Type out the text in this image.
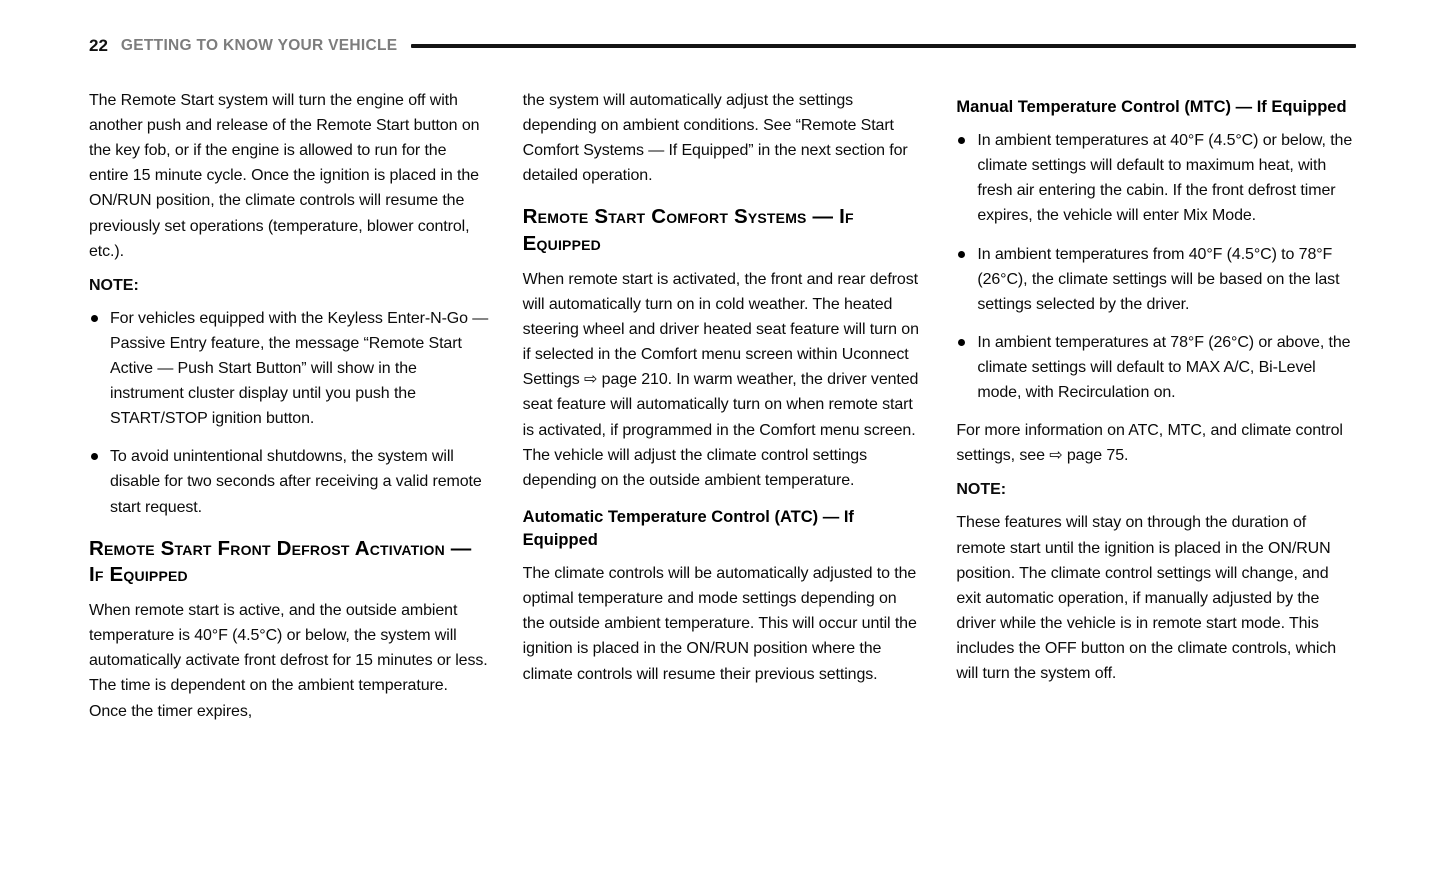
22 GETTING TO KNOW YOUR VEHICLE
The Remote Start system will turn the engine off with another push and release of the Remote Start button on the key fob, or if the engine is allowed to run for the entire 15 minute cycle. Once the ignition is placed in the ON/RUN position, the climate controls will resume the previously set operations (temperature, blower control, etc.).
NOTE:
For vehicles equipped with the Keyless Enter-N-Go — Passive Entry feature, the message “Remote Start Active — Push Start Button” will show in the instrument cluster display until you push the START/STOP ignition button.
To avoid unintentional shutdowns, the system will disable for two seconds after receiving a valid remote start request.
Remote Start Front Defrost Activation — If Equipped
When remote start is active, and the outside ambient temperature is 40°F (4.5°C) or below, the system will automatically activate front defrost for 15 minutes or less. The time is dependent on the ambient temperature. Once the timer expires,
the system will automatically adjust the settings depending on ambient conditions. See “Remote Start Comfort Systems — If Equipped” in the next section for detailed operation.
Remote Start Comfort Systems — If Equipped
When remote start is activated, the front and rear defrost will automatically turn on in cold weather. The heated steering wheel and driver heated seat feature will turn on if selected in the Comfort menu screen within Uconnect Settings ⇨ page 210. In warm weather, the driver vented seat feature will automatically turn on when remote start is activated, if programmed in the Comfort menu screen. The vehicle will adjust the climate control settings depending on the outside ambient temperature.
Automatic Temperature Control (ATC) — If Equipped
The climate controls will be automatically adjusted to the optimal temperature and mode settings depending on the outside ambient temperature. This will occur until the ignition is placed in the ON/RUN position where the climate controls will resume their previous settings.
Manual Temperature Control (MTC) — If Equipped
In ambient temperatures at 40°F (4.5°C) or below, the climate settings will default to maximum heat, with fresh air entering the cabin. If the front defrost timer expires, the vehicle will enter Mix Mode.
In ambient temperatures from 40°F (4.5°C) to 78°F (26°C), the climate settings will be based on the last settings selected by the driver.
In ambient temperatures at 78°F (26°C) or above, the climate settings will default to MAX A/C, Bi-Level mode, with Recirculation on.
For more information on ATC, MTC, and climate control settings, see ⇨ page 75.
NOTE:
These features will stay on through the duration of remote start until the ignition is placed in the ON/RUN position. The climate control settings will change, and exit automatic operation, if manually adjusted by the driver while the vehicle is in remote start mode. This includes the OFF button on the climate controls, which will turn the system off.
